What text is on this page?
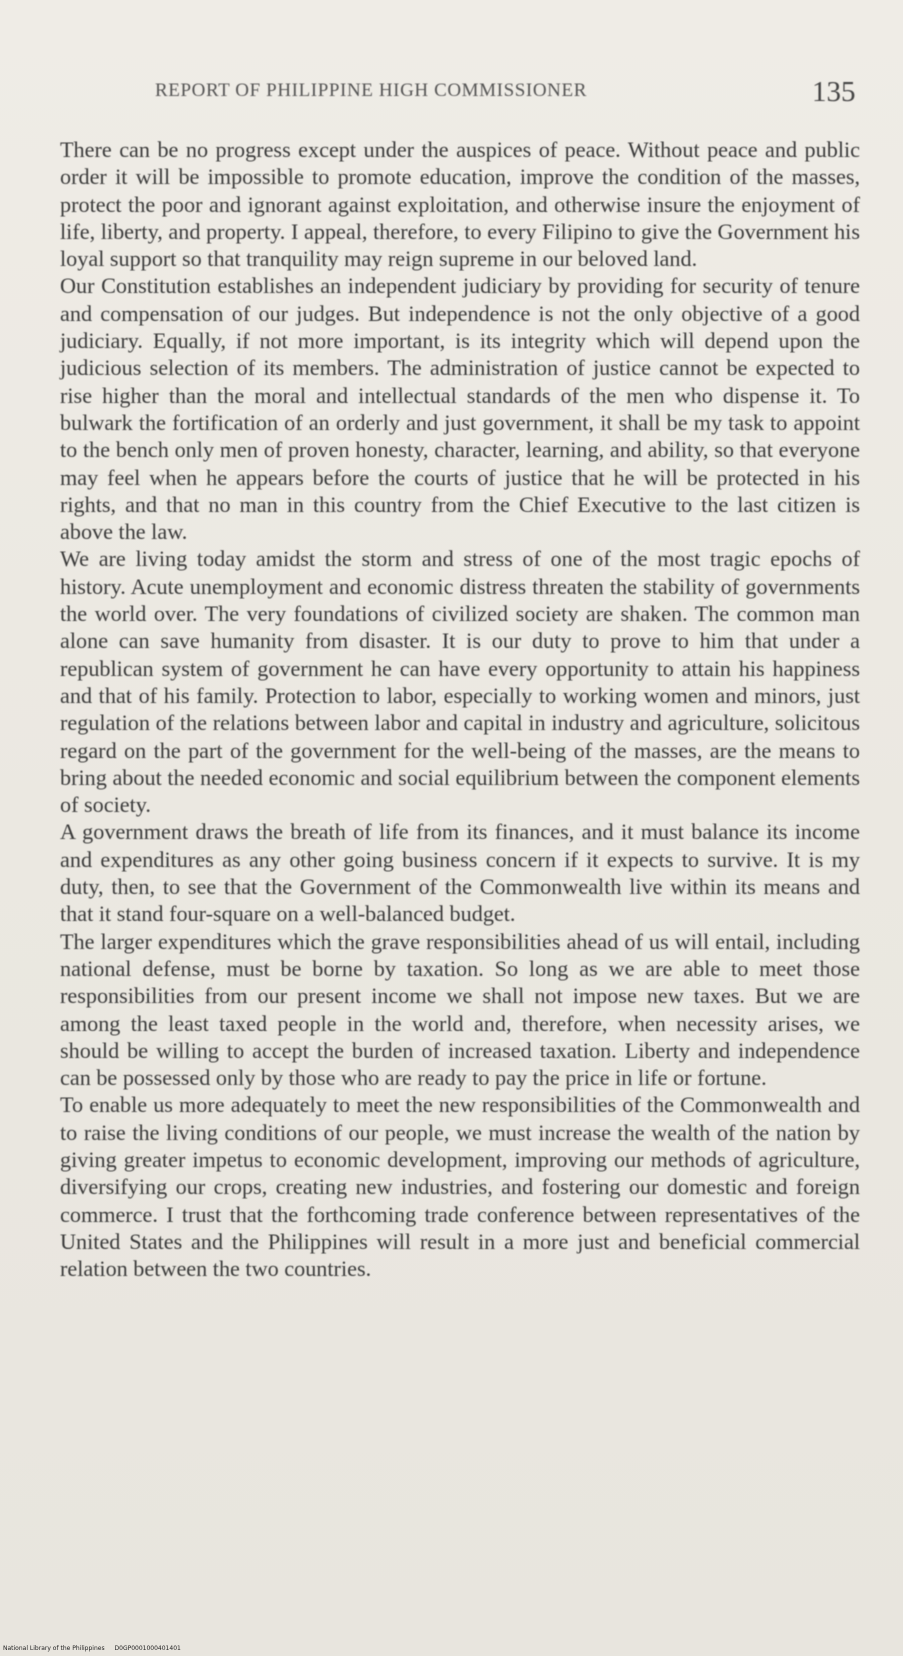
REPORT OF PHILIPPINE HIGH COMMISSIONER	135

There can be no progress except under the auspices of peace. Without peace and public order it will be impossible to promote education, improve the condition of the masses, protect the poor and ignorant against exploitation, and otherwise insure the enjoyment of life, liberty, and property. I appeal, therefore, to every Filipino to give the Government his loyal support so that tranquility may reign supreme in our beloved land.

Our Constitution establishes an independent judiciary by providing for security of tenure and compensation of our judges. But independence is not the only objective of a good judiciary. Equally, if not more important, is its integrity which will depend upon the judicious selection of its members. The administration of justice cannot be expected to rise higher than the moral and intellectual standards of the men who dispense it. To bulwark the fortification of an orderly and just government, it shall be my task to appoint to the bench only men of proven honesty, character, learning, and ability, so that everyone may feel when he appears before the courts of justice that he will be protected in his rights, and that no man in this country from the Chief Executive to the last citizen is above the law.

We are living today amidst the storm and stress of one of the most tragic epochs of history. Acute unemployment and economic distress threaten the stability of governments the world over. The very foundations of civilized society are shaken. The common man alone can save humanity from disaster. It is our duty to prove to him that under a republican system of government he can have every opportunity to attain his happiness and that of his family. Protection to labor, especially to working women and minors, just regulation of the relations between labor and capital in industry and agriculture, solicitous regard on the part of the government for the well-being of the masses, are the means to bring about the needed economic and social equilibrium between the component elements of society.

A government draws the breath of life from its finances, and it must balance its income and expenditures as any other going business concern if it expects to survive. It is my duty, then, to see that the Government of the Commonwealth live within its means and that it stand four-square on a well-balanced budget.

The larger expenditures which the grave responsibilities ahead of us will entail, including national defense, must be borne by taxation. So long as we are able to meet those responsibilities from our present income we shall not impose new taxes. But we are among the least taxed people in the world and, therefore, when necessity arises, we should be willing to accept the burden of increased taxation. Liberty and independence can be possessed only by those who are ready to pay the price in life or fortune.

To enable us more adequately to meet the new responsibilities of the Commonwealth and to raise the living conditions of our people, we must increase the wealth of the nation by giving greater impetus to economic development, improving our methods of agriculture, diversifying our crops, creating new industries, and fostering our domestic and foreign commerce. I trust that the forthcoming trade conference between representatives of the United States and the Philippines will result in a more just and beneficial commercial relation between the two countries.

National Library of the Philippines D0GP0001000401401
